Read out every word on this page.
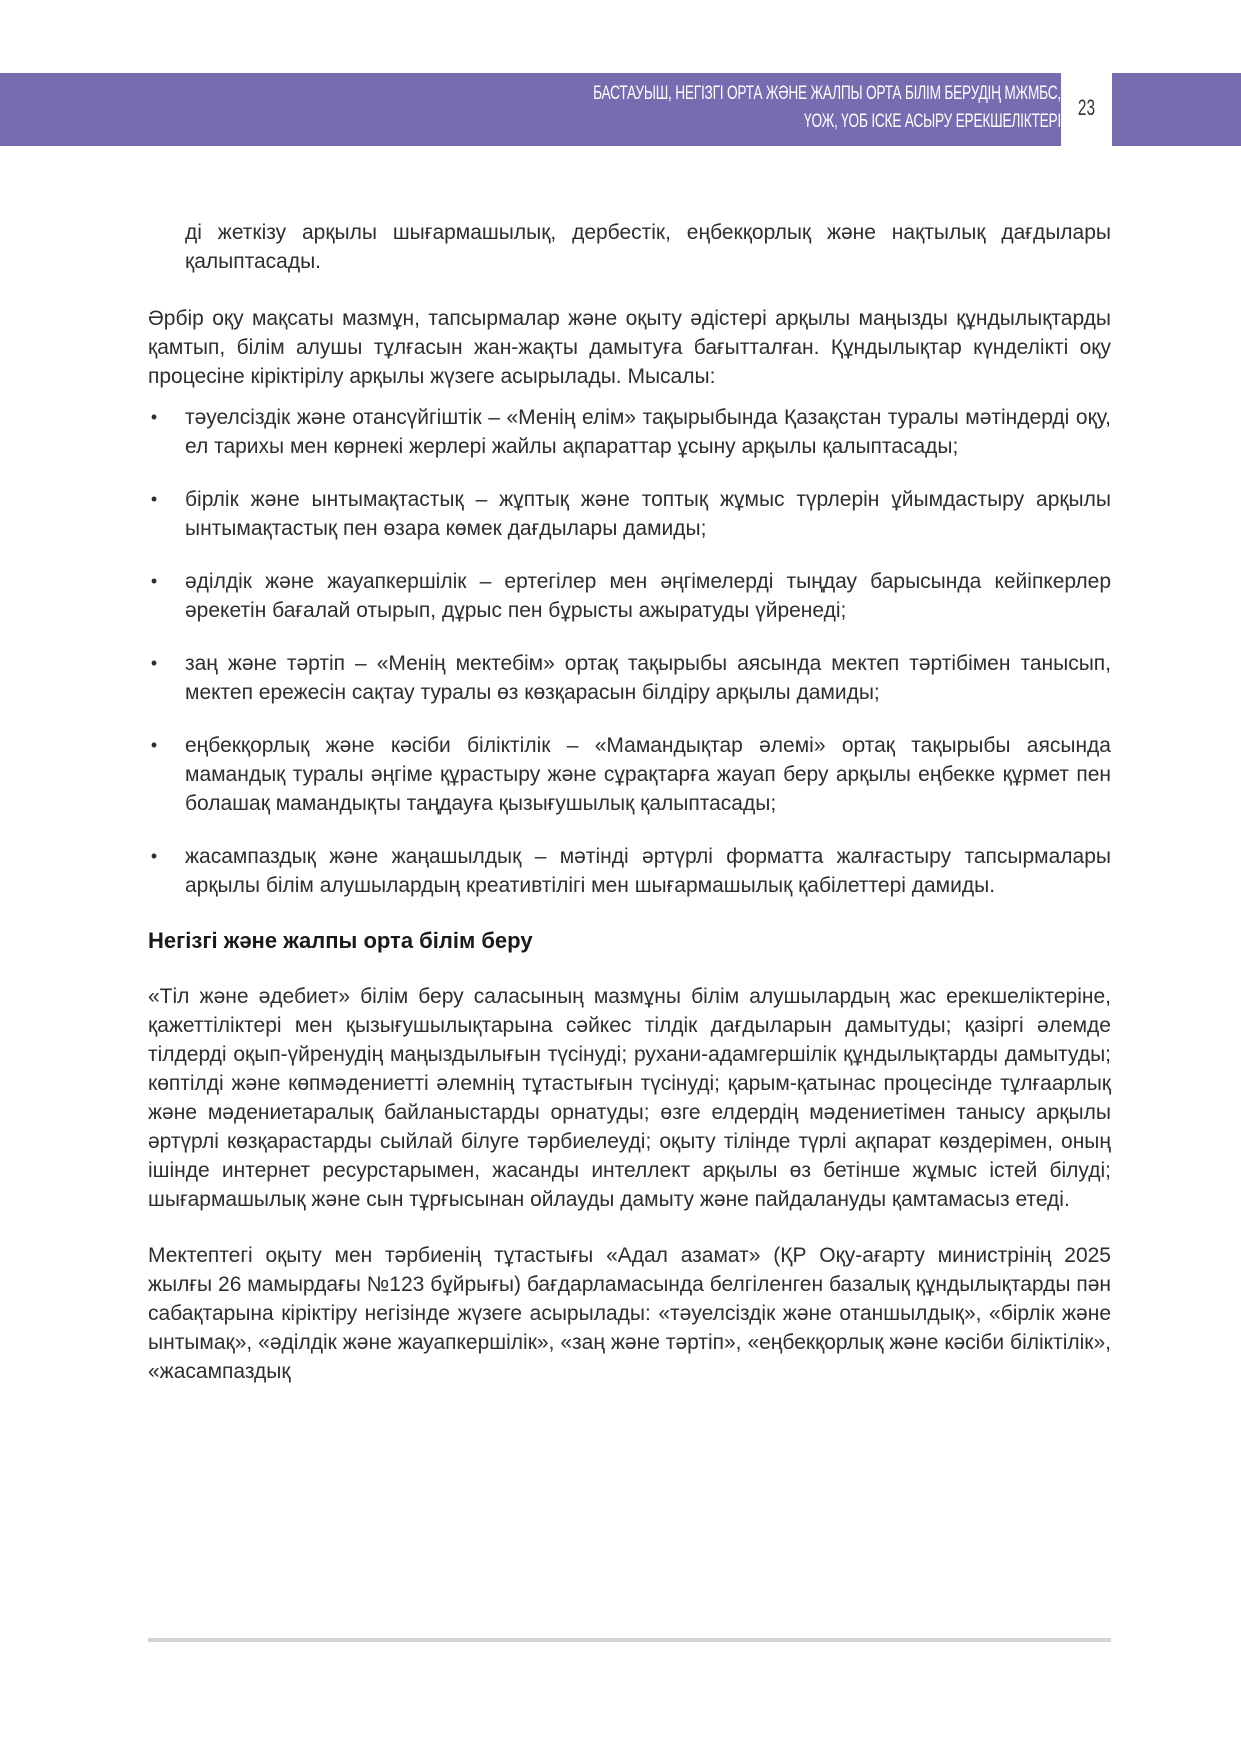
БАСТАУЫШ, НЕГІЗГІ ОРТА ЖӘНЕ ЖАЛПЫ ОРТА БІЛІМ БЕРУДІҢ МЖМБС,
ҮОЖ, ҮОБ ІСКЕ АСЫРУ ЕРЕКШЕЛІКТЕРІ
23

ді жеткізу арқылы шығармашылық, дербестік, еңбекқорлық және нақтылық дағдылары қалыптасады.

Әрбір оқу мақсаты мазмұн, тапсырмалар және оқыту әдістері арқылы маңызды құндылықтарды қамтып, білім алушы тұлғасын жан-жақты дамытуға бағытталған. Құндылықтар күнделікті оқу процесіне кіріктірілу арқылы жүзеге асырылады. Мысалы:

• тәуелсіздік және отансүйгіштік – «Менің елім» тақырыбында Қазақстан туралы мәтіндерді оқу, ел тарихы мен көрнекі жерлері жайлы ақпараттар ұсыну арқылы қалыптасады;
• бірлік және ынтымақтастық – жұптық және топтық жұмыс түрлерін ұйымдастыру арқылы ынтымақтастық пен өзара көмек дағдылары дамиды;
• әділдік және жауапкершілік – ертегілер мен әңгімелерді тыңдау барысында кейіпкерлер әрекетін бағалай отырып, дұрыс пен бұрысты ажыратуды үйренеді;
• заң және тәртіп – «Менің мектебім» ортақ тақырыбы аясында мектеп тәртібімен танысып, мектеп ережесін сақтау туралы өз көзқарасын білдіру арқылы дамиды;
• еңбекқорлық және кәсіби біліктілік – «Мамандықтар әлемі» ортақ тақырыбы аясында мамандық туралы әңгіме құрастыру және сұрақтарға жауап беру арқылы еңбекке құрмет пен болашақ мамандықты таңдауға қызығушылық қалыптасады;
• жасампаздық және жаңашылдық – мәтінді әртүрлі форматта жалғастыру тапсырмалары арқылы білім алушылардың креативтілігі мен шығармашылық қабілеттері дамиды.
Негізгі және жалпы орта білім беру

«Тіл және әдебиет» білім беру саласының мазмұны білім алушылардың жас ерекшеліктеріне, қажеттіліктері мен қызығушылықтарына сәйкес тілдік дағдыларын дамытуды; қазіргі әлемде тілдерді оқып-үйренудің маңыздылығын түсінуді; рухани-адамгершілік құндылықтарды дамытуды; көптілді және көпмәдениетті әлемнің тұтастығын түсінуді; қарым-қатынас процесінде тұлғаарлық және мәдениетаралық байланыстарды орнатуды; өзге елдердің мәдениетімен танысу арқылы әртүрлі көзқарастарды сыйлай білуге тәрбиелеуді; оқыту тілінде түрлі ақпарат көздерімен, оның ішінде интернет ресурстарымен, жасанды интеллект арқылы өз бетінше жұмыс істей білуді; шығармашылық және сын тұрғысынан ойлауды дамыту және пайдалануды қамтамасыз етеді.

Мектептегі оқыту мен тәрбиенің тұтастығы «Адал азамат» (ҚР Оқу-ағарту министрінің 2025 жылғы 26 мамырдағы №123 бұйрығы) бағдарламасында белгіленген базалық құндылықтарды пән сабақтарына кіріктіру негізінде жүзеге асырылады: «тәуелсіздік және отаншылдық», «бірлік және ынтымақ», «әділдік және жауапкершілік», «заң және тәртіп», «еңбекқорлық және кәсіби біліктілік», «жасампаздық
